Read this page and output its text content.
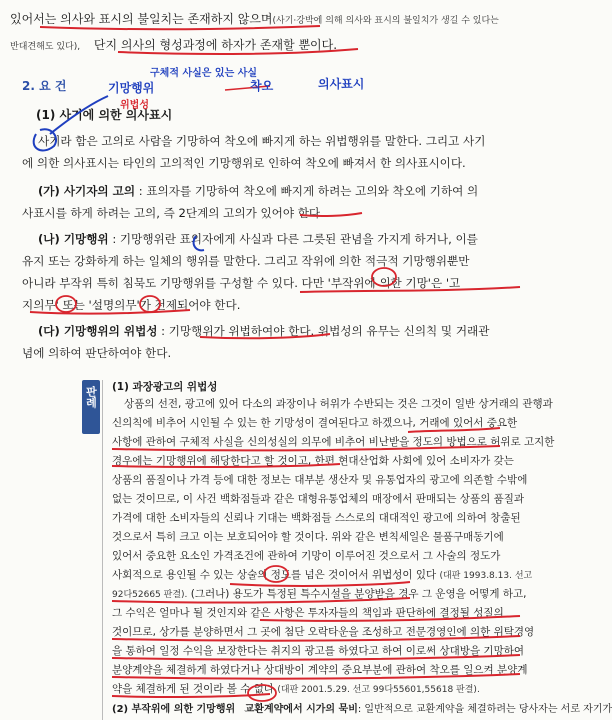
있어서는 의사와 표시의 불일치는 존재하지 않으며(사기·강박에 의해 의사와 표시의 불일치가 생길 수 있다는
반대견해도 있다), 단지 의사의 형성과정에 하자가 존재할 뿐이다.
2. 요 건
(1) 사기에 의한 의사표시
사기라 함은 고의로 사람을 기망하여 착오에 빠지게 하는 위법행위를 말한다. 그리고 사기
에 의한 의사표시는 타인의 고의적인 기망행위로 인하여 착오에 빠져서 한 의사표시이다.
(가) 사기자의 고의 : 표의자를 기망하여 착오에 빠지게 하려는 고의와 착오에 기하여 의
사표시를 하게 하려는 고의, 즉 2단계의 고의가 있어야 한다.
(나) 기망행위 : 기망행위란 표의자에게 사실과 다른 그릇된 관념을 가지게 하거나, 이를
유지 또는 강화하게 하는 일체의 행위를 말한다. 그리고 작위에 의한 적극적 기망행위뿐만
아니라 부작위 특히 침묵도 기망행위를 구성할 수 있다. 다만 '부작위에 의한 기망'은 '고
지의무' 또는 '설명의무'가 전제되어야 한다.
(다) 기망행위의 위법성 : 기망행위가 위법하여야 한다. 위법성의 유무는 신의칙 및 거래관
념에 의하여 판단하여야 한다.
판례 (1) 과장광고의 위법성
상품의 선전, 광고에 있어 다소의 과장이나 허위가 수반되는 것은 그것이 일반 상거래의 관행과
신의칙에 비추어 시인될 수 있는 한 기망성이 결여된다고 하겠으나, 거래에 있어서 중요한
사항에 관하여 구체적 사실을 신의성실의 의무에 비추어 비난받을 정도의 방법으로 허위로 고지한
경우에는 기망행위에 해당한다고 할 것이고, 한편 현대산업화 사회에 있어 소비자가 갖는
상품의 품질이나 가격 등에 대한 정보는 대부분 생산자 및 유통업자의 광고에 의존할 수밖에
없는 것이므로, 이 사건 백화점들과 같은 대형유통업체의 매장에서 판매되는 상품의 품질과
가격에 대한 소비자들의 신뢰나 기대는 백화점들 스스로의 대대적인 광고에 의하여 창출된
것으로서 특히 크고 이는 보호되어야 할 것이다. 위와 같은 변칙세일은 물품구매동기에
있어서 중요한 요소인 가격조건에 관하여 기망이 이루어진 것으로서 그 사술의 정도가
사회적으로 용인될 수 있는 상술의 정도를 넘은 것이어서 위법성이 있다 (대판 1993.8.13. 선고
92다52665 판결). (그러나) 용도가 특정된 특수시설을 분양받을 경우 그 운영을 어떻게 하고,
그 수익은 얼마나 될 것인지와 같은 사항은 투자자들의 책임과 판단하에 결정될 성질의
것이므로, 상가를 분양하면서 그 곳에 첨단 오락타운을 조성하고 전문경영인에 의한 위탁경영
을 통하여 일정 수익을 보장한다는 취지의 광고를 하였다고 하여 이로써 상대방을 기망하여
분양계약을 체결하게 하였다거나 상대방이 계약의 중요부분에 관하여 착오를 일으켜 분양계
약을 체결하게 된 것이라 볼 수 없다 (대판 2001.5.29. 선고 99다55601,55618 판결).
(2) 부작위에 의한 기망행위 교환계약에서 시가의 묵비: 일반적으로 교환계약을 체결하려는 당사자는 서로 자기가
구체적 사실은 있는 사실
기망행위
위법성
착오	의사표시
